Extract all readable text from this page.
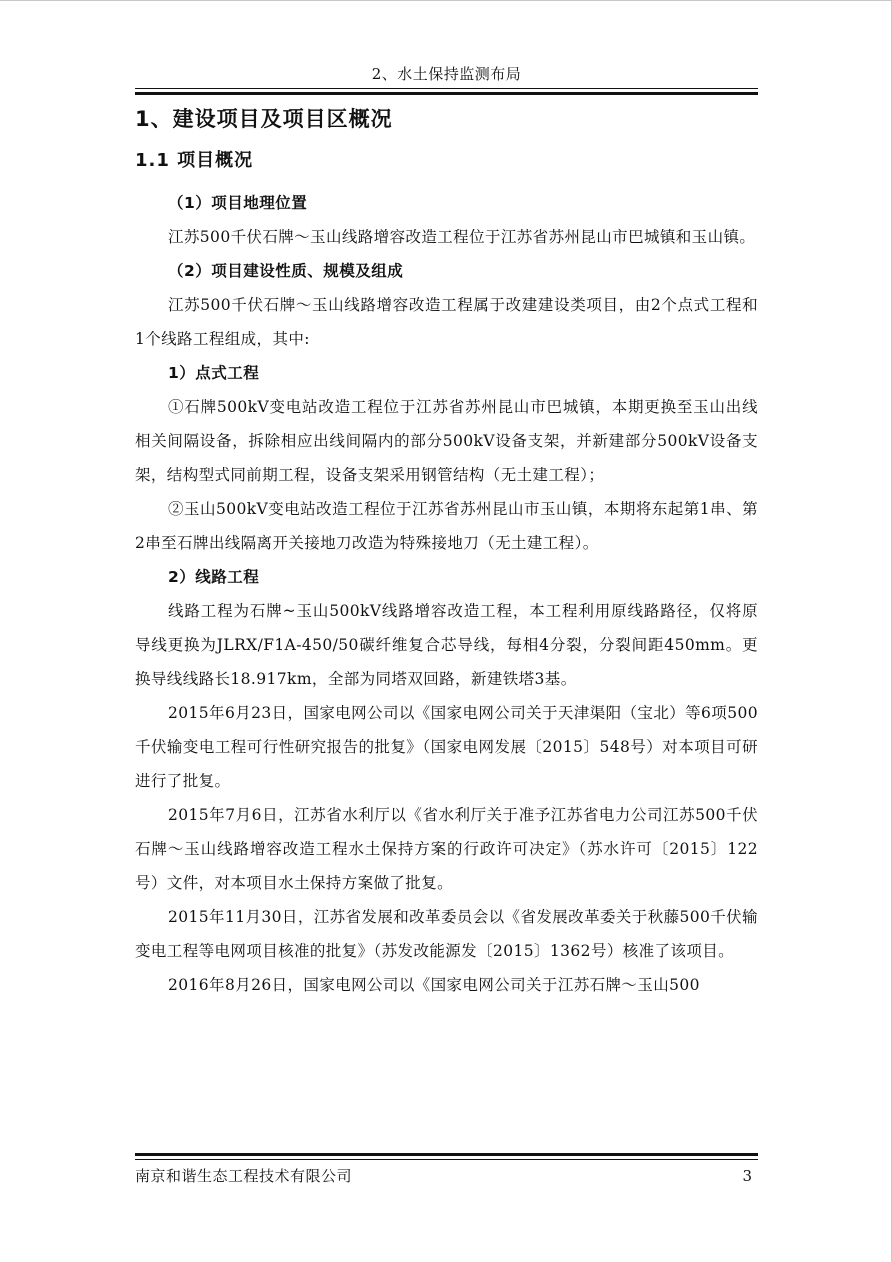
2、水土保持监测布局
1、建设项目及项目区概况
1.1 项目概况
（1）项目地理位置

江苏500千伏石牌～玉山线路增容改造工程位于江苏省苏州昆山市巴城镇和玉山镇。

（2）项目建设性质、规模及组成

江苏500千伏石牌～玉山线路增容改造工程属于改建建设类项目，由2个点式工程和1个线路工程组成，其中:

1）点式工程

①石牌500kV变电站改造工程位于江苏省苏州昆山市巴城镇，本期更换至玉山出线相关间隔设备，拆除相应出线间隔内的部分500kV设备支架，并新建部分500kV设备支架，结构型式同前期工程，设备支架采用钢管结构（无土建工程）；

②玉山500kV变电站改造工程位于江苏省苏州昆山市玉山镇，本期将东起第1串、第2串至石牌出线隔离开关接地刀改造为特殊接地刀（无土建工程）。

2）线路工程

线路工程为石牌~玉山500kV线路增容改造工程，本工程利用原线路路径，仅将原导线更换为JLRX/F1A-450/50碳纤维复合芯导线，每相4分裂，分裂间距450mm。更换导线线路长18.917km，全部为同塔双回路，新建铁塔3基。

2015年6月23日，国家电网公司以《国家电网公司关于天津渠阳（宝北）等6项500千伏输变电工程可行性研究报告的批复》（国家电网发展〔2015〕548号）对本项目可研进行了批复。

2015年7月6日，江苏省水利厅以《省水利厅关于准予江苏省电力公司江苏500千伏石牌～玉山线路增容改造工程水土保持方案的行政许可决定》（苏水许可〔2015〕122号）文件，对本项目水土保持方案做了批复。

2015年11月30日，江苏省发展和改革委员会以《省发展改革委关于秋藤500千伏输变电工程等电网项目核准的批复》（苏发改能源发〔2015〕1362号）核准了该项目。

2016年8月26日，国家电网公司以《国家电网公司关于江苏石牌～玉山500

南京和谐生态工程技术有限公司	3
